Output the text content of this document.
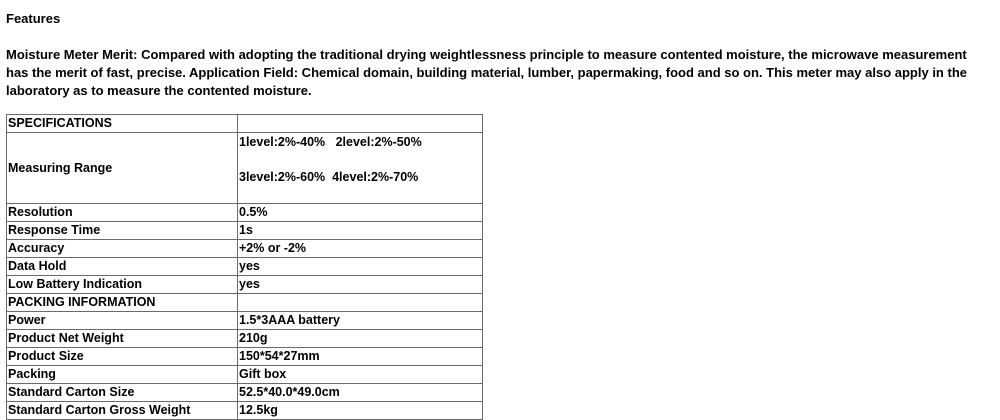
Features

Moisture Meter Merit: Compared with adopting the traditional drying weightlessness principle to measure contented moisture, the microwave measurement has the merit of fast, precise. Application Field: Chemical domain, building material, lumber, papermaking, food and so on. This meter may also apply in the laboratory as to measure the contented moisture.

SPECIFICATIONS	
Measuring Range	1level:2%-40%   2level:2%-50%
3level:2%-60%  4level:2%-70%

Resolution	0.5%
Response Time	1s
Accuracy	+2% or -2%
Data Hold	yes
Low Battery Indication	yes
PACKING INFORMATION	
Power	1.5*3AAA battery
Product Net Weight	210g
Product Size	150*54*27mm
Packing	Gift box
Standard Carton Size	52.5*40.0*49.0cm
Standard Carton Gross Weight	12.5kg
